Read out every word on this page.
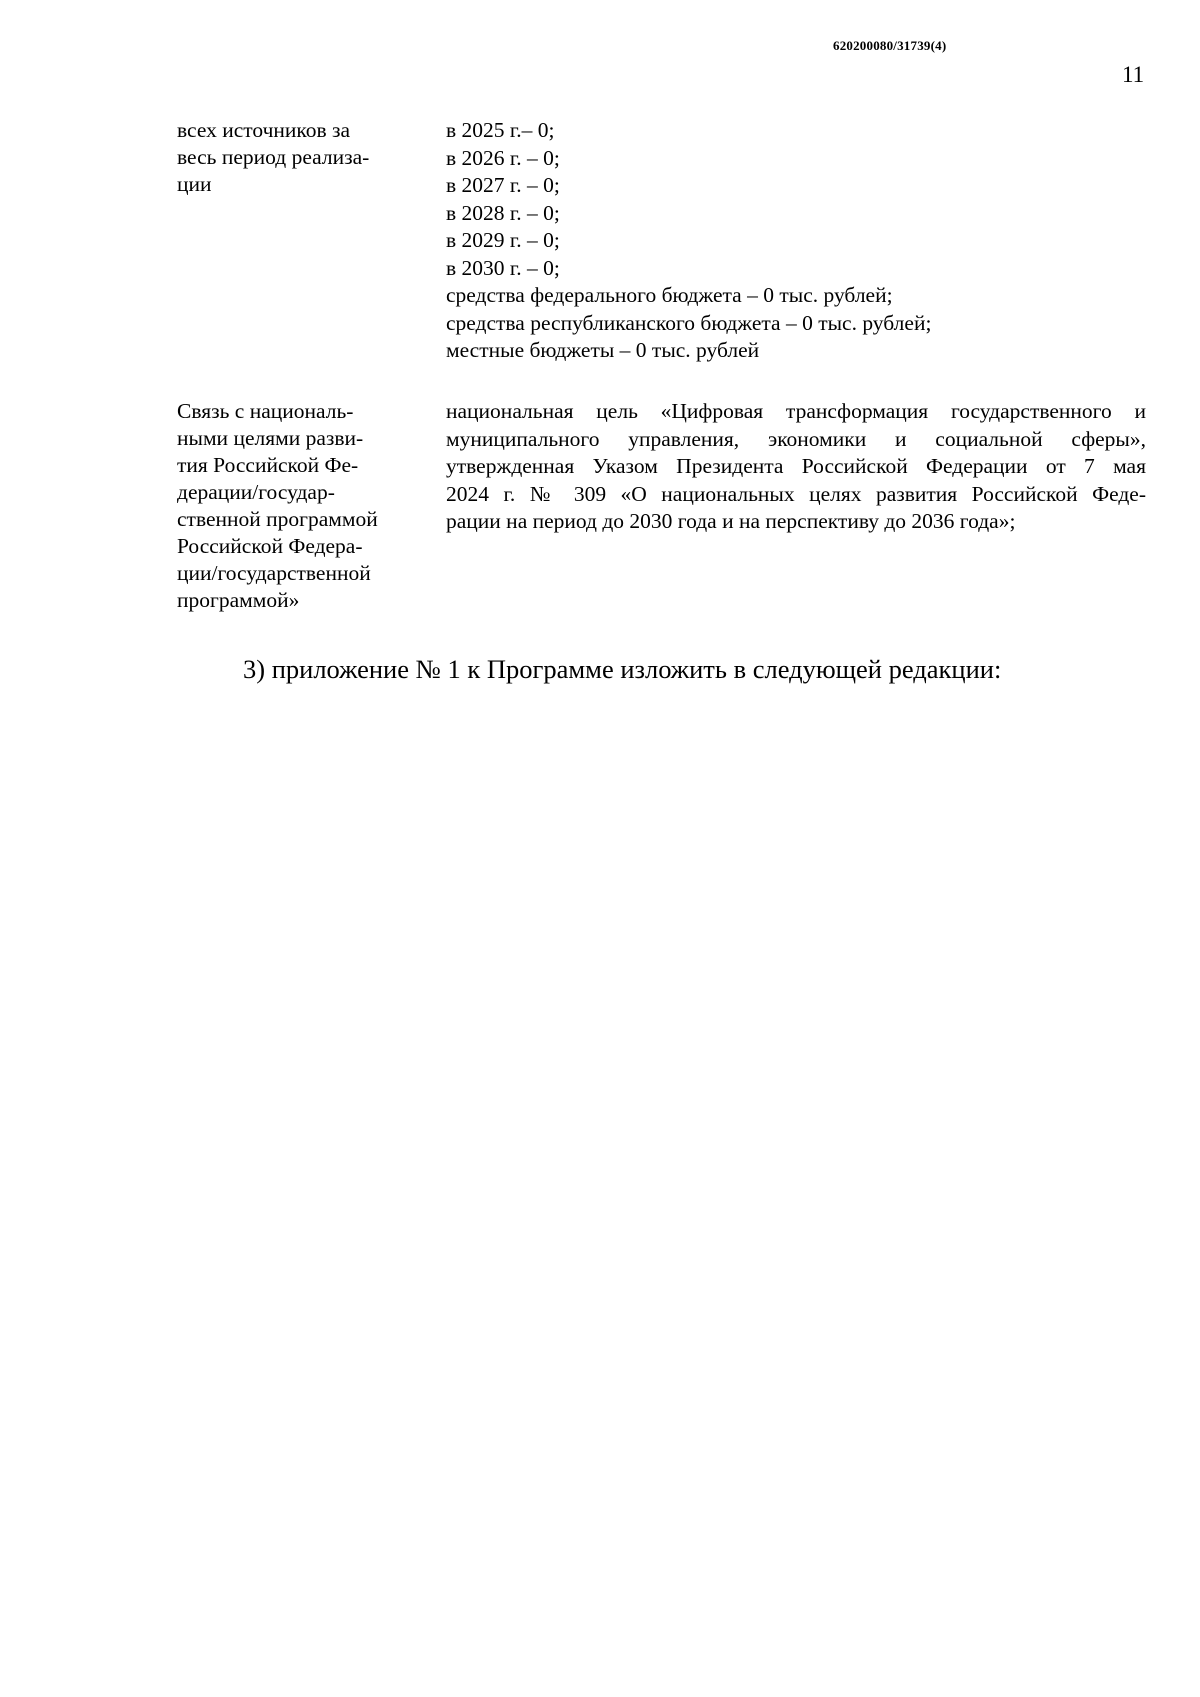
620200080/31739(4)
11
всех источников за
весь период реализа-
ции
в 2025 г.– 0;
в 2026 г. – 0;
в 2027 г. – 0;
в 2028 г. – 0;
в 2029 г. – 0;
в 2030 г. – 0;
средства федерального бюджета – 0 тыс. рублей;
средства республиканского бюджета – 0 тыс. рублей;
местные бюджеты – 0 тыс. рублей
Связь с националь-
ными целями разви-
тия Российской Фе-
дерации/государ-
ственной программой
Российской Федера-
ции/государственной
программой»
национальная цель «Цифровая трансформация государственного и
муниципального управления, экономики и социальной сферы»,
утвержденная Указом Президента Российской Федерации от 7 мая
2024 г. № 309 «О национальных целях развития Российской Феде-
рации на период до 2030 года и на перспективу до 2036 года»;
3) приложение № 1 к Программе изложить в следующей редакции:
